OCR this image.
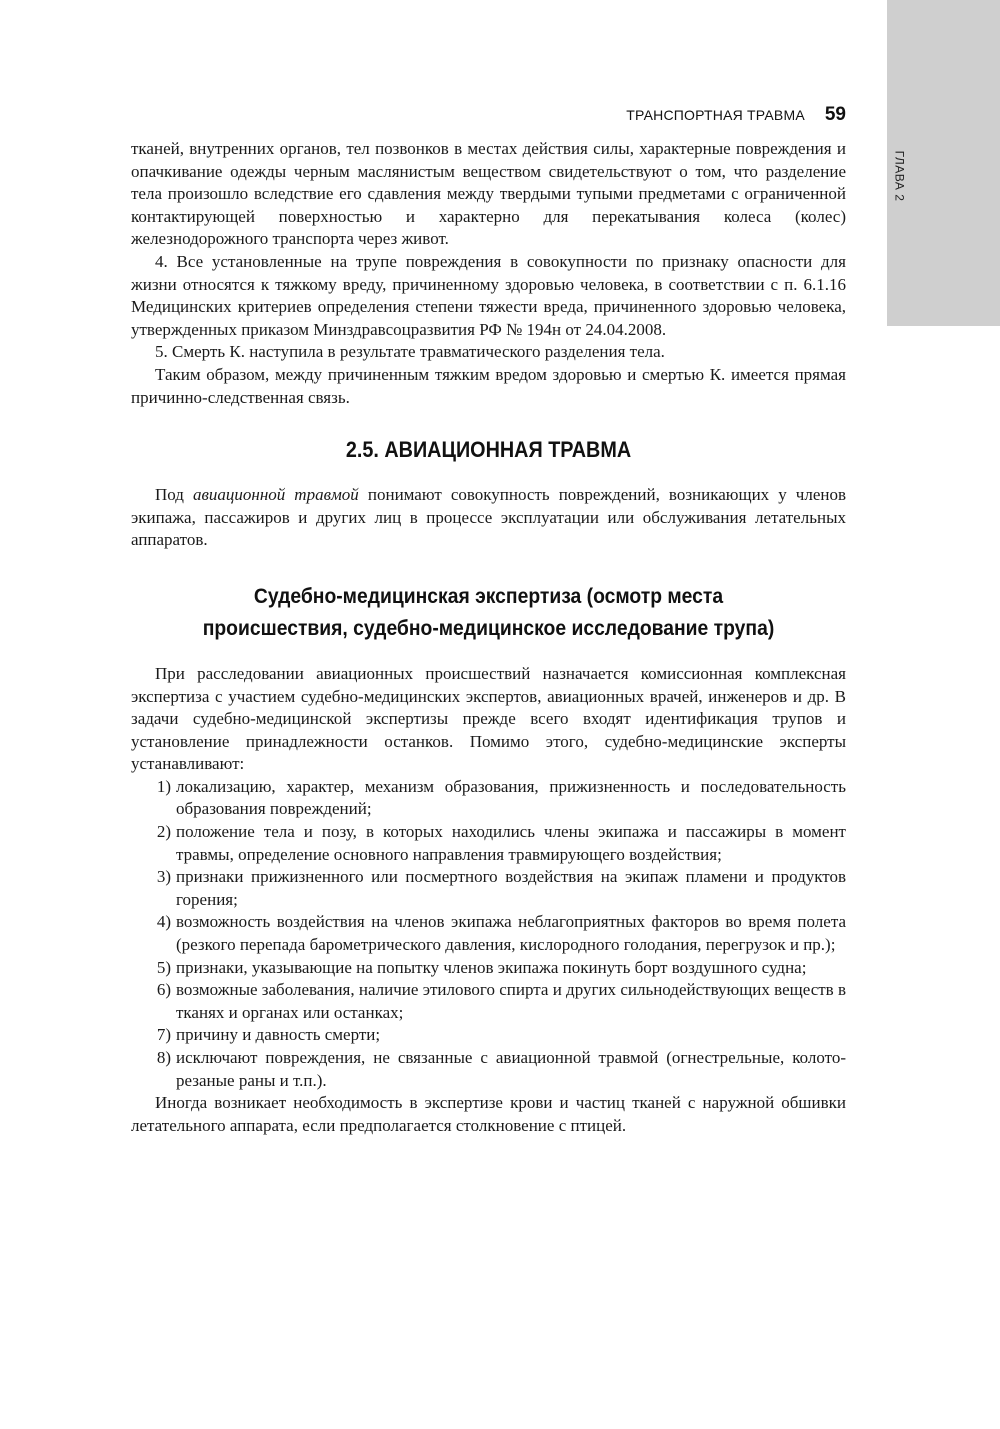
ГЛАВА 2
ТРАНСПОРТНАЯ ТРАВМА 59

тканей, внутренних органов, тел позвонков в местах действия силы, характерные повреждения и опачкивание одежды черным маслянистым веществом свидетельствуют о том, что разделение тела произошло вследствие его сдавления между твердыми тупыми предметами с ограниченной контактирующей поверхностью и характерно для перекатывания колеса (колес) железнодорожного транспорта через живот.

4. Все установленные на трупе повреждения в совокупности по признаку опасности для жизни относятся к тяжкому вреду, причиненному здоровью человека, в соответствии с п. 6.1.16 Медицинских критериев определения степени тяжести вреда, причиненного здоровью человека, утвержденных приказом Минздравсоцразвития РФ № 194н от 24.04.2008.

5. Смерть К. наступила в результате травматического разделения тела.

Таким образом, между причиненным тяжким вредом здоровью и смертью К. имеется прямая причинно-следственная связь.

2.5. АВИАЦИОННАЯ ТРАВМА

Под авиационной травмой понимают совокупность повреждений, возникающих у членов экипажа, пассажиров и других лиц в процессе эксплуатации или обслуживания летательных аппаратов.

Судебно-медицинская экспертиза (осмотр места
происшествия, судебно-медицинское исследование трупа)

При расследовании авиационных происшествий назначается комиссионная комплексная экспертиза с участием судебно-медицинских экспертов, авиационных врачей, инженеров и др. В задачи судебно-медицинской экспертизы прежде всего входят идентификация трупов и установление принадлежности останков. Помимо этого, судебно-медицинские эксперты устанавливают:

1) локализацию, характер, механизм образования, прижизненность и последовательность образования повреждений;
2) положение тела и позу, в которых находились члены экипажа и пассажиры в момент травмы, определение основного направления травмирующего воздействия;
3) признаки прижизненного или посмертного воздействия на экипаж пламени и продуктов горения;
4) возможность воздействия на членов экипажа неблагоприятных факторов во время полета (резкого перепада барометрического давления, кислородного голодания, перегрузок и пр.);
5) признаки, указывающие на попытку членов экипажа покинуть борт воздушного судна;
6) возможные заболевания, наличие этилового спирта и других сильнодействующих веществ в тканях и органах или останках;
7) причину и давность смерти;
8) исключают повреждения, не связанные с авиационной травмой (огнестрельные, колото-резаные раны и т.п.).

Иногда возникает необходимость в экспертизе крови и частиц тканей с наружной обшивки летательного аппарата, если предполагается столкновение с птицей.
